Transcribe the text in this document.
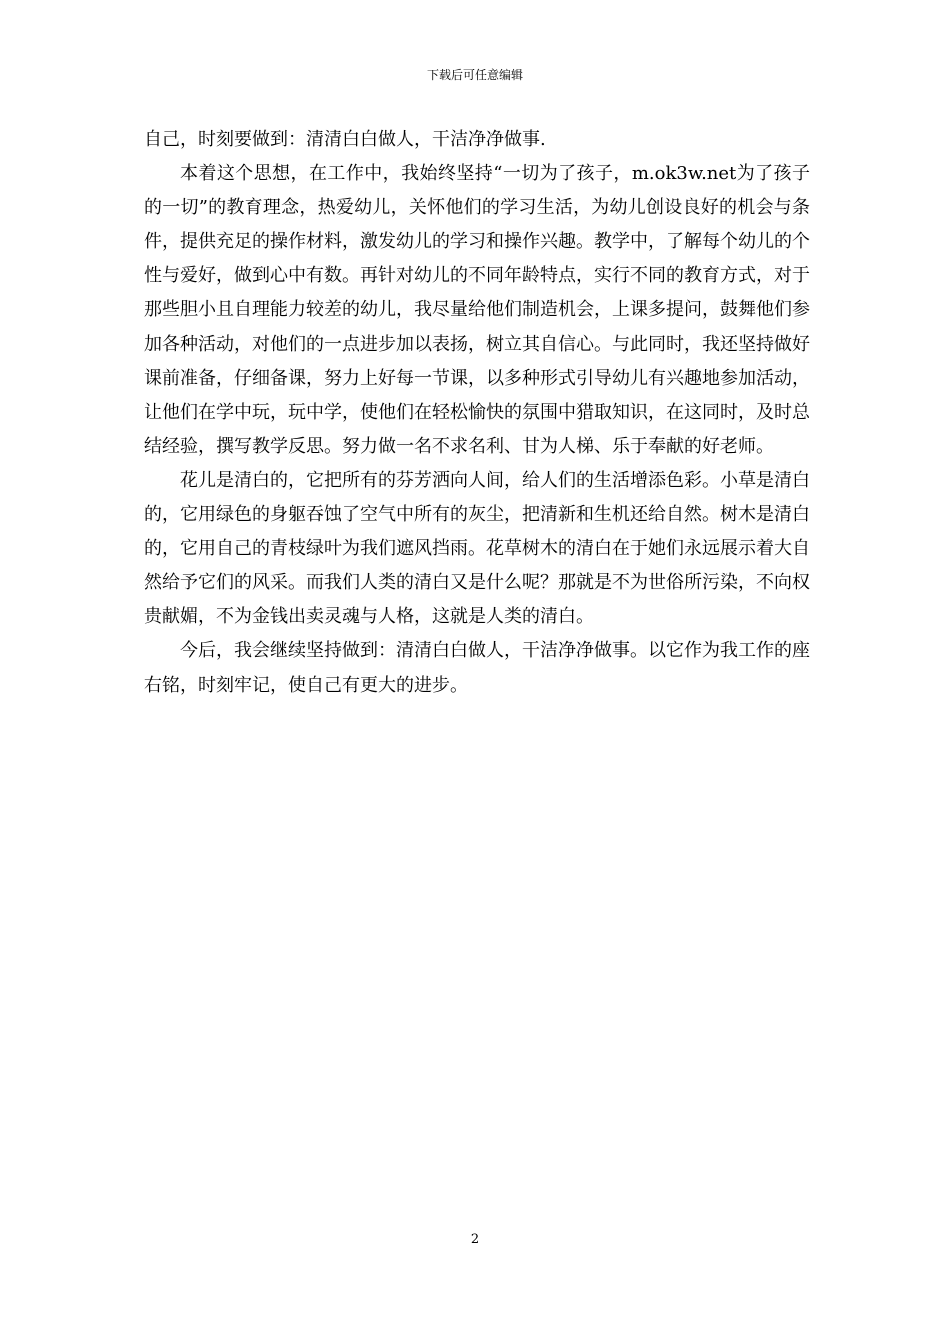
下载后可任意编辑

自己，时刻要做到：清清白白做人，干洁净净做事.

本着这个思想，在工作中，我始终坚持“一切为了孩子，m.ok3w.net为了孩子的一切”的教育理念，热爱幼儿，关怀他们的学习生活，为幼儿创设良好的机会与条件，提供充足的操作材料，激发幼儿的学习和操作兴趣。教学中，了解每个幼儿的个性与爱好，做到心中有数。再针对幼儿的不同年龄特点，实行不同的教育方式，对于那些胆小且自理能力较差的幼儿，我尽量给他们制造机会，上课多提问，鼓舞他们参加各种活动，对他们的一点进步加以表扬，树立其自信心。与此同时，我还坚持做好课前准备，仔细备课，努力上好每一节课，以多种形式引导幼儿有兴趣地参加活动，让他们在学中玩，玩中学，使他们在轻松愉快的氛围中猎取知识，在这同时，及时总结经验，撰写教学反思。努力做一名不求名利、甘为人梯、乐于奉献的好老师。

花儿是清白的，它把所有的芬芳洒向人间，给人们的生活增添色彩。小草是清白的，它用绿色的身躯吞蚀了空气中所有的灰尘，把清新和生机还给自然。树木是清白的，它用自己的青枝绿叶为我们遮风挡雨。花草树木的清白在于她们永远展示着大自然给予它们的风采。而我们人类的清白又是什么呢？那就是不为世俗所污染，不向权贵献媚，不为金钱出卖灵魂与人格，这就是人类的清白。

今后，我会继续坚持做到：清清白白做人，干洁净净做事。以它作为我工作的座右铭，时刻牢记，使自己有更大的进步。

2
